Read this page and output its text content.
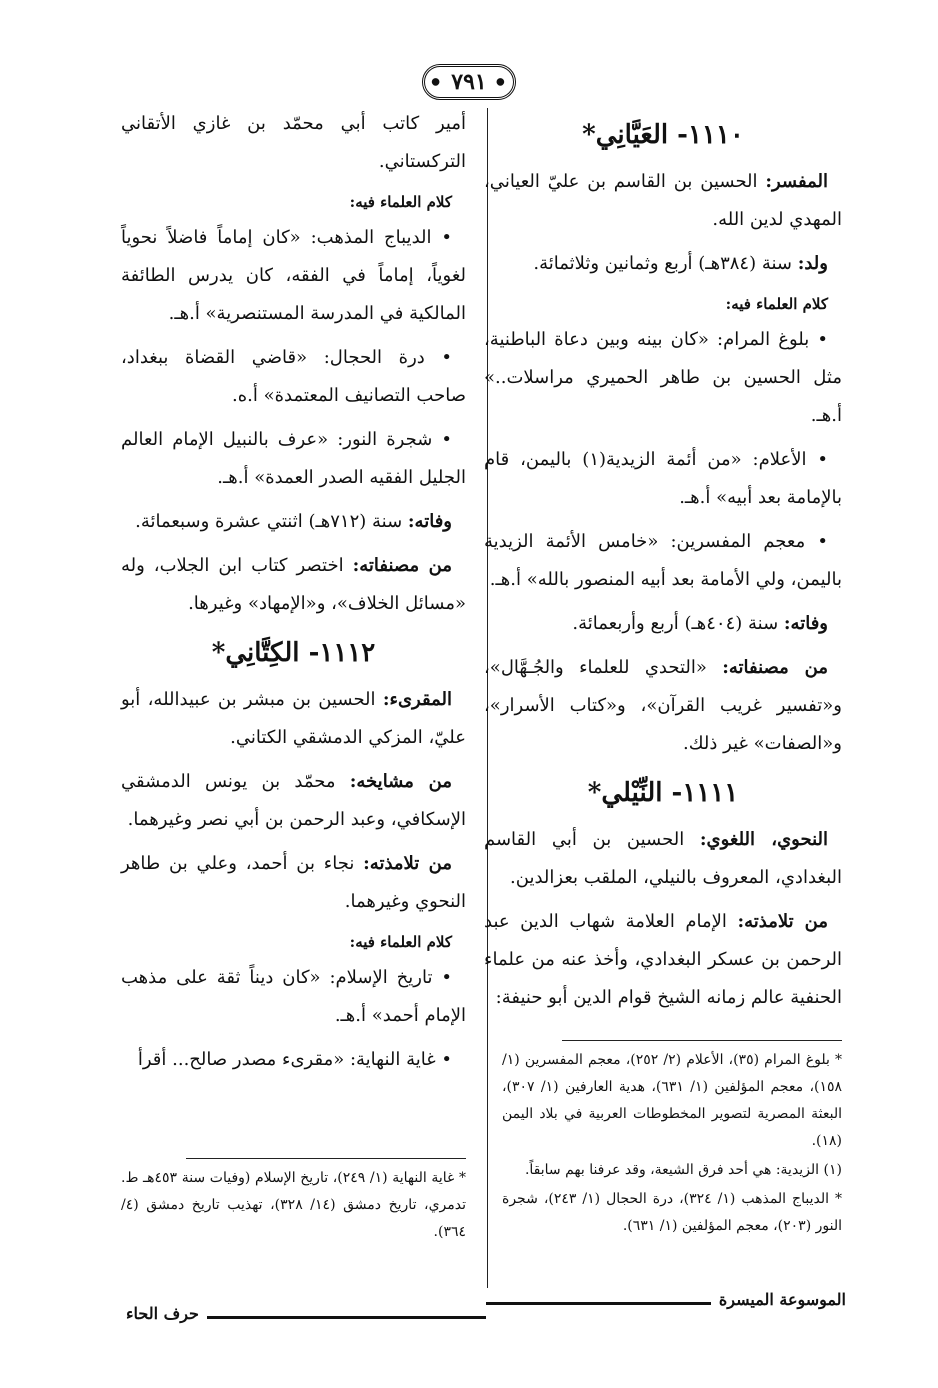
●
٧٩١
●
١١١٠- العَيَّانِي*
المفسر: الحسين بن القاسم بن عليّ العياني، المهدي لدين الله.
ولد: سنة (٣٨٤هـ) أربع وثمانين وثلاثمائة.
كلام العلماء فيه:
• بلوغ المرام: «كان بينه وبين دعاة الباطنية، مثل الحسين بن طاهر الحميري مراسلات..» أ.هـ.
• الأعلام: «من أئمة الزيدية(١) باليمن، قام بالإمامة بعد أبيه» أ.هـ.
• معجم المفسرين: «خامس الأئمة الزيدية باليمن، ولي الأمامة بعد أبيه المنصور بالله» أ.هـ.
وفاته: سنة (٤٠٤هـ) أربع وأربعمائة.
من مصنفاته: «التحدي للعلماء والجُـهَّال»، و«تفسير غريب القرآن»، و«كتاب الأسرار»، و«الصفات» غير ذلك.
١١١١- النِّيْلي*
النحوي، اللغوي: الحسين بن أبي القاسم البغدادي، المعروف بالنيلي، الملقب بعزالدين.
من تلامذته: الإمام العلامة شهاب الدين عبد الرحمن بن عسكر البغدادي، وأخذ عنه من علماء الحنفية عالم زمانه الشيخ قوام الدين أبو حنيفة:
* بلوغ المرام (٣٥)، الأعلام (٢/ ٢٥٢)، معجم المفسرين (١/ ١٥٨)، معجم المؤلفين (١/ ٦٣١)، هدية العارفين (١/ ٣٠٧)، البعثة المصرية لتصوير المخطوطات العربية في بلاد اليمن (١٨).
(١) الزيدية: هي أحد فرق الشيعة، وقد عرفنا بهم سابقاً.
* الديباج المذهب (١/ ٣٢٤)، درة الحجال (١/ ٢٤٣)، شجرة النور (٢٠٣)، معجم المؤلفين (١/ ٦٣١).
أمير كاتب أبي محمّد بن غازي الأتقاني التركستاني.
كلام العلماء فيه:
• الديباج المذهب: «كان إماماً فاضلاً نحوياً لغوياً، إماماً في الفقه، كان يدرس الطائفة المالكية في المدرسة المستنصرية» أ.هـ.
• درة الحجال: «قاضي القضاة ببغداد، صاحب التصانيف المعتمدة» أ.ه.
• شجرة النور: «عرف بالنبيل الإمام العالم الجليل الفقيه الصدر العمدة» أ.هـ.
وفاته: سنة (٧١٢هـ) اثنتي عشرة وسبعمائة.
من مصنفاته: اختصر كتاب ابن الجلاب، وله «مسائل الخلاف»، و«الإمهاد» وغيرها.
١١١٢- الكِتَّانِي*
المقرىء: الحسين بن مبشر بن عبيدالله، أبو عليّ، المزكي الدمشقي الكتاني.
من مشايخه: محمّد بن يونس الدمشقي الإسكافي، وعبد الرحمن بن أبي نصر وغيرهما.
من تلامذته: نجاء بن أحمد، وعلي بن طاهر النحوي وغيرهما.
كلام العلماء فيه:
• تاريخ الإسلام: «كان ديناً ثقة على مذهب الإمام أحمد» أ.هـ.
• غاية النهاية: «مقرىء مصدر صالح... أقرأ
* غاية النهاية (١/ ٢٤٩)، تاريخ الإسلام (وفيات سنة ٤٥٣هـ ط. تدمري، تاريخ دمشق (١٤/ ٣٢٨)، تهذيب تاريخ دمشق (٤/ ٣٦٤).
الموسوعة الميسرة
حرف الحاء
